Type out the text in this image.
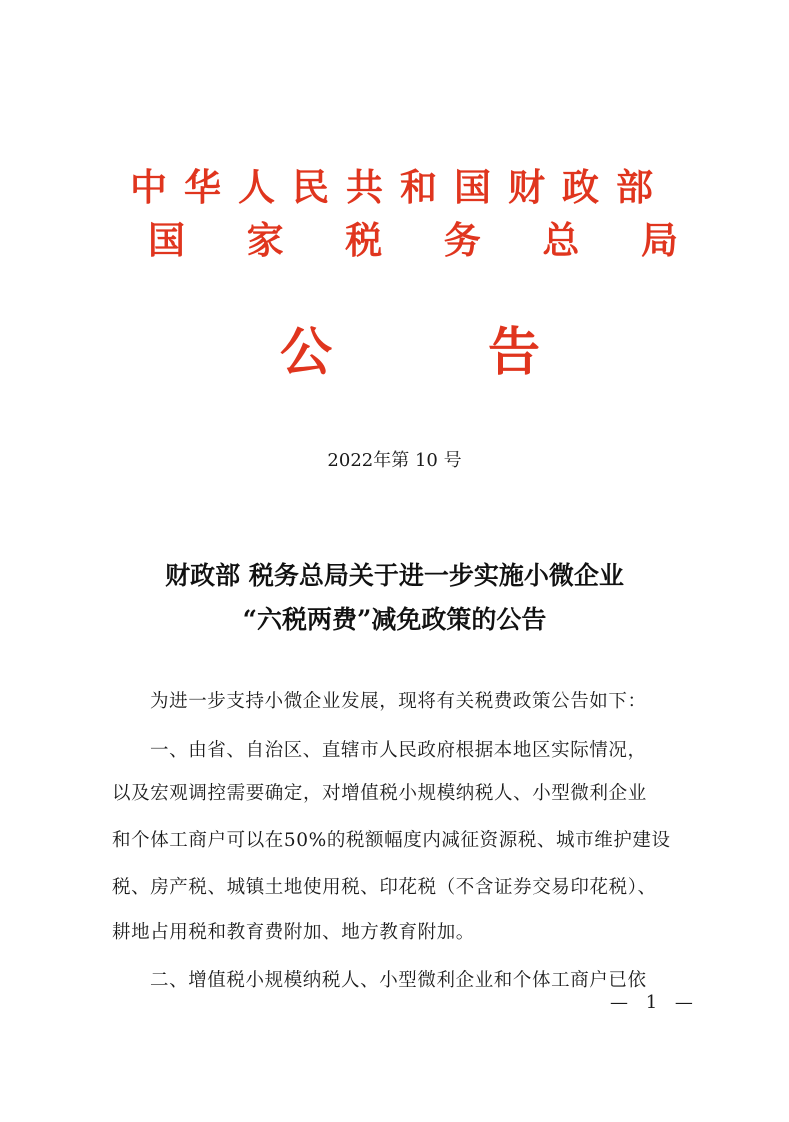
中华人民共和国财政部
国 家 税 务 总 局
公	告
2022年第 10 号
财政部 税务总局关于进一步实施小微企业
“六税两费”减免政策的公告
为进一步支持小微企业发展，现将有关税费政策公告如下：
一、由省、自治区、直辖市人民政府根据本地区实际情况，
以及宏观调控需要确定，对增值税小规模纳税人、小型微利企业
和个体工商户可以在50%的税额幅度内减征资源税、城市维护建设
税、房产税、城镇土地使用税、印花税（不含证券交易印花税）、
耕地占用税和教育费附加、地方教育附加。
二、增值税小规模纳税人、小型微利企业和个体工商户已依
— 1 —
